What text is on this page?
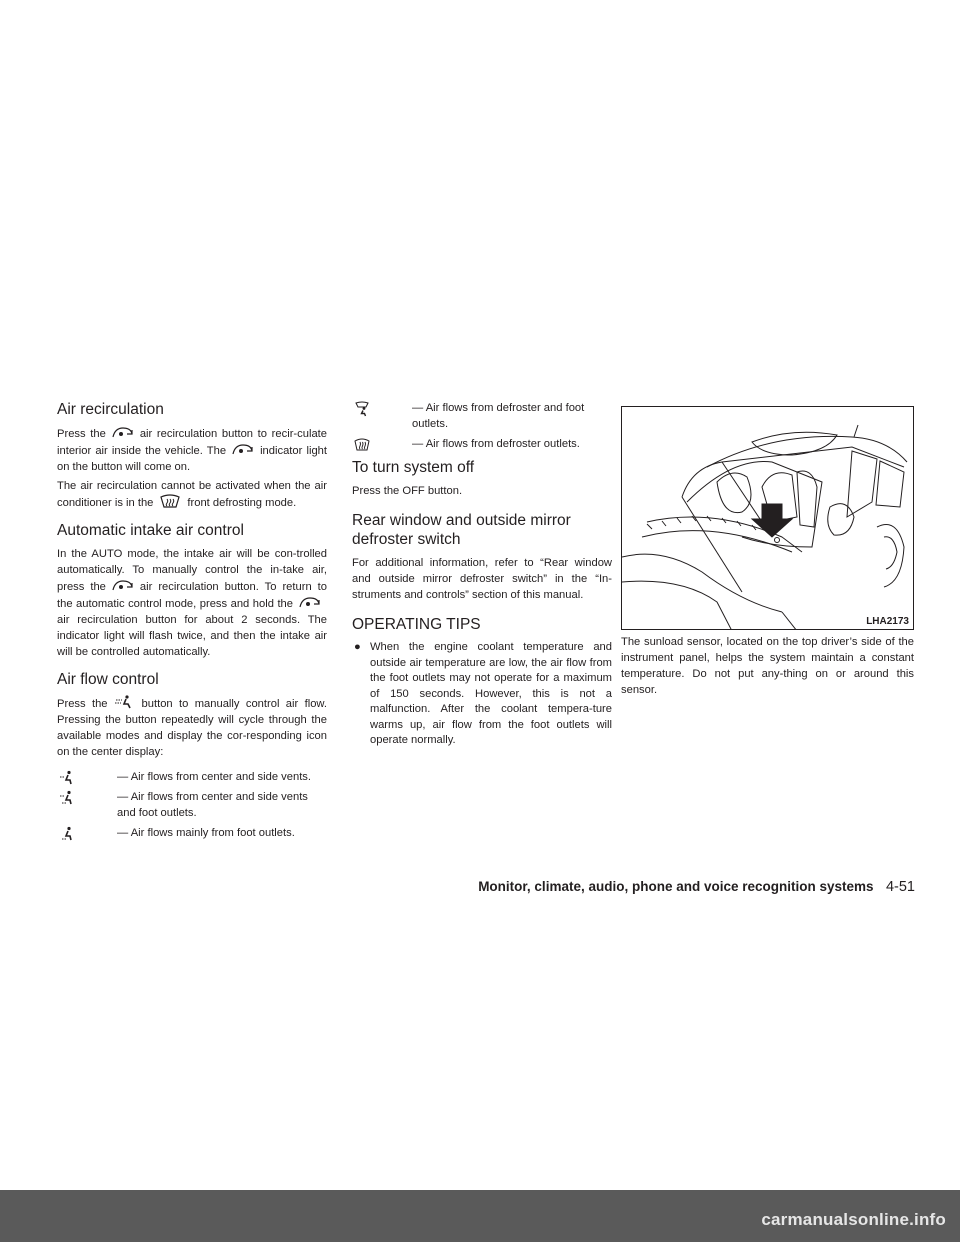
Air recirculation

Press the	air recirculation button to recir-culate interior air inside the vehicle. The	indicator light on the button will come on.

The air recirculation cannot be activated when the air conditioner is in the	front defrosting mode.

Automatic intake air control

In the AUTO mode, the intake air will be con-trolled automatically. To manually control the in-take air, press the	air recirculation button. To return to the automatic control mode, press and hold the
air recirculation button for about 2 seconds. The indicator light will flash twice, and then the intake air will be controlled automatically.

Air flow control

Press the	button to manually control air flow. Pressing the button repeatedly will cycle through the available modes and display the cor-responding icon on the center display:

— Air flows from center and side vents.
— Air flows from center and side vents and foot outlets.
— Air flows mainly from foot outlets.
— Air flows from defroster and foot outlets.
— Air flows from defroster outlets.
To turn system off

Press the OFF button.

Rear window and outside mirror defroster switch

For additional information, refer to “Rear window and outside mirror defroster switch” in the “In-struments and controls” section of this manual.

OPERATING TIPS
● When the engine coolant temperature and outside air temperature are low, the air flow from the foot outlets may not operate for a maximum of 150 seconds. However, this is not a malfunction. After the coolant tempera-ture warms up, air flow from the foot outlets will operate normally.
LHA2173

The sunload sensor, located on the top driver’s side of the instrument panel, helps the system maintain a constant temperature. Do not put any-thing on or around this sensor.

Monitor, climate, audio, phone and voice recognition systems 4-51
carmanualsonline.info
